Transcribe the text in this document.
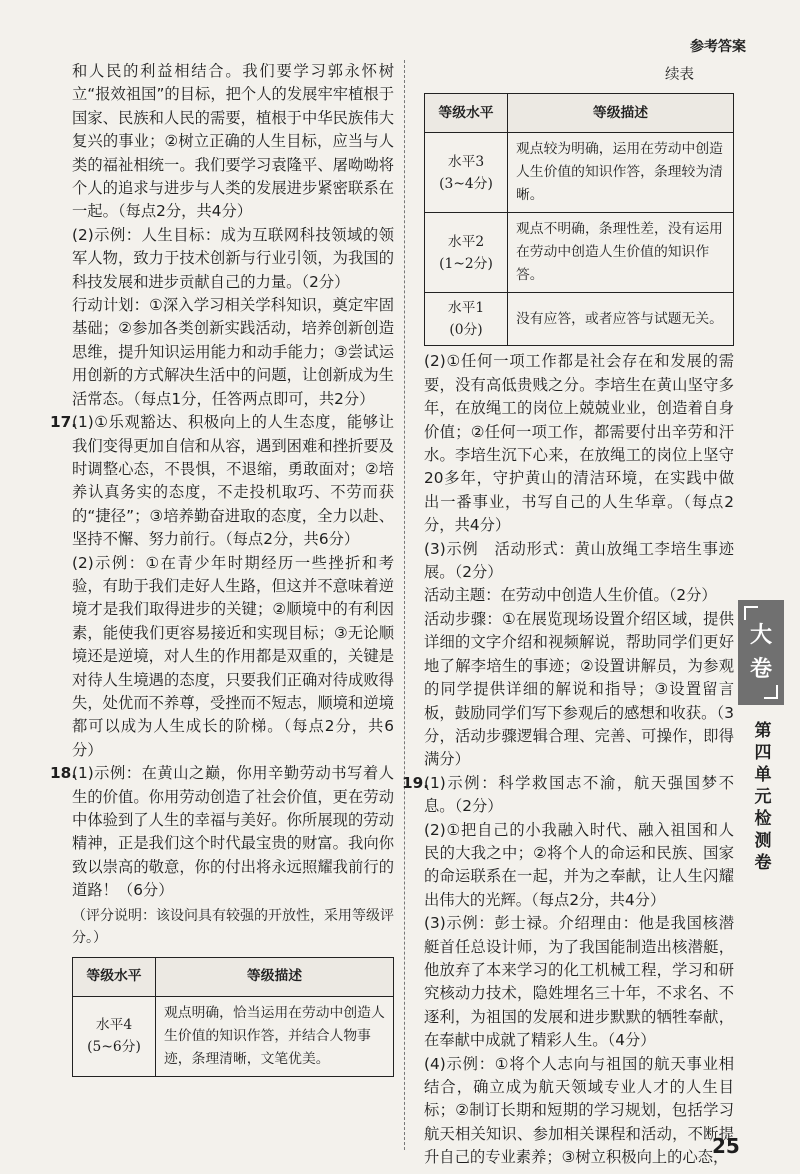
参考答案

和人民的利益相结合。我们要学习郭永怀树立“报效祖国”的目标，把个人的发展牢牢植根于国家、民族和人民的需要，植根于中华民族伟大复兴的事业；②树立正确的人生目标，应当与人类的福祉相统一。我们要学习袁隆平、屠呦呦将个人的追求与进步与人类的发展进步紧密联系在一起。（每点2分，共4分）

(2)示例：人生目标：成为互联网科技领域的领军人物，致力于技术创新与行业引领，为我国的科技发展和进步贡献自己的力量。（2分）

行动计划：①深入学习相关学科知识，奠定牢固基础；②参加各类创新实践活动，培养创新创造思维，提升知识运用能力和动手能力；③尝试运用创新的方式解决生活中的问题，让创新成为生活常态。（每点1分，任答两点即可，共2分）

17.

(1)①乐观豁达、积极向上的人生态度，能够让我们变得更加自信和从容，遇到困难和挫折要及时调整心态，不畏惧，不退缩，勇敢面对；②培养认真务实的态度，不走投机取巧、不劳而获的“捷径”；③培养勤奋进取的态度，全力以赴、坚持不懈、努力前行。（每点2分，共6分）

(2)示例：①在青少年时期经历一些挫折和考验，有助于我们走好人生路，但这并不意味着逆境才是我们取得进步的关键；②顺境中的有利因素，能使我们更容易接近和实现目标；③无论顺境还是逆境，对人生的作用都是双重的，关键是对待人生境遇的态度，只要我们正确对待成败得失，处优而不养尊，受挫而不短志，顺境和逆境都可以成为人生成长的阶梯。（每点2分，共6分）

18.

(1)示例：在黄山之巅，你用辛勤劳动书写着人生的价值。你用劳动创造了社会价值，更在劳动中体验到了人生的幸福与美好。你所展现的劳动精神，正是我们这个时代最宝贵的财富。我向你致以崇高的敬意，你的付出将永远照耀我前行的道路！（6分）

（评分说明：该设问具有较强的开放性，采用等级评分。）

等级水平	等级描述

水平4
(5~6分)	观点明确，恰当运用在劳动中创造人生价值的知识作答，并结合人物事迹，条理清晰，文笔优美。

续表

等级水平	等级描述

水平3
(3~4分)	观点较为明确，运用在劳动中创造人生价值的知识作答，条理较为清晰。

水平2
(1~2分)	观点不明确，条理性差，没有运用在劳动中创造人生价值的知识作答。

水平1
(0分)	没有应答，或者应答与试题无关。

(2)①任何一项工作都是社会存在和发展的需要，没有高低贵贱之分。李培生在黄山坚守多年，在放绳工的岗位上兢兢业业，创造着自身价值；②任何一项工作，都需要付出辛劳和汗水。李培生沉下心来，在放绳工的岗位上坚守20多年，守护黄山的清洁环境，在实践中做出一番事业，书写自己的人生华章。（每点2分，共4分）

(3)示例　活动形式：黄山放绳工李培生事迹展。（2分）

活动主题：在劳动中创造人生价值。（2分）

活动步骤：①在展览现场设置介绍区域，提供详细的文字介绍和视频解说，帮助同学们更好地了解李培生的事迹；②设置讲解员，为参观的同学提供详细的解说和指导；③设置留言板，鼓励同学们写下参观后的感想和收获。（3分，活动步骤逻辑合理、完善、可操作，即得满分）

19.

(1)示例：科学救国志不渝，航天强国梦不息。（2分）

(2)①把自己的小我融入时代、融入祖国和人民的大我之中；②将个人的命运和民族、国家的命运联系在一起，并为之奉献，让人生闪耀出伟大的光辉。（每点2分，共4分）

(3)示例：彭士禄。介绍理由：他是我国核潜艇首任总设计师，为了我国能制造出核潜艇，他放弃了本来学习的化工机械工程，学习和研究核动力技术，隐姓埋名三十年，不求名、不逐利，为祖国的发展和进步默默的牺牲奉献，在奉献中成就了精彩人生。（4分）

(4)示例：①将个人志向与祖国的航天事业相结合，确立成为航天领域专业人才的人生目标；②制订长期和短期的学习规划，包括学习航天相关知识、参加相关课程和活动，不断提升自己的专业素养；③树立积极向上的心态，

大
卷
第四单元检测卷
25
